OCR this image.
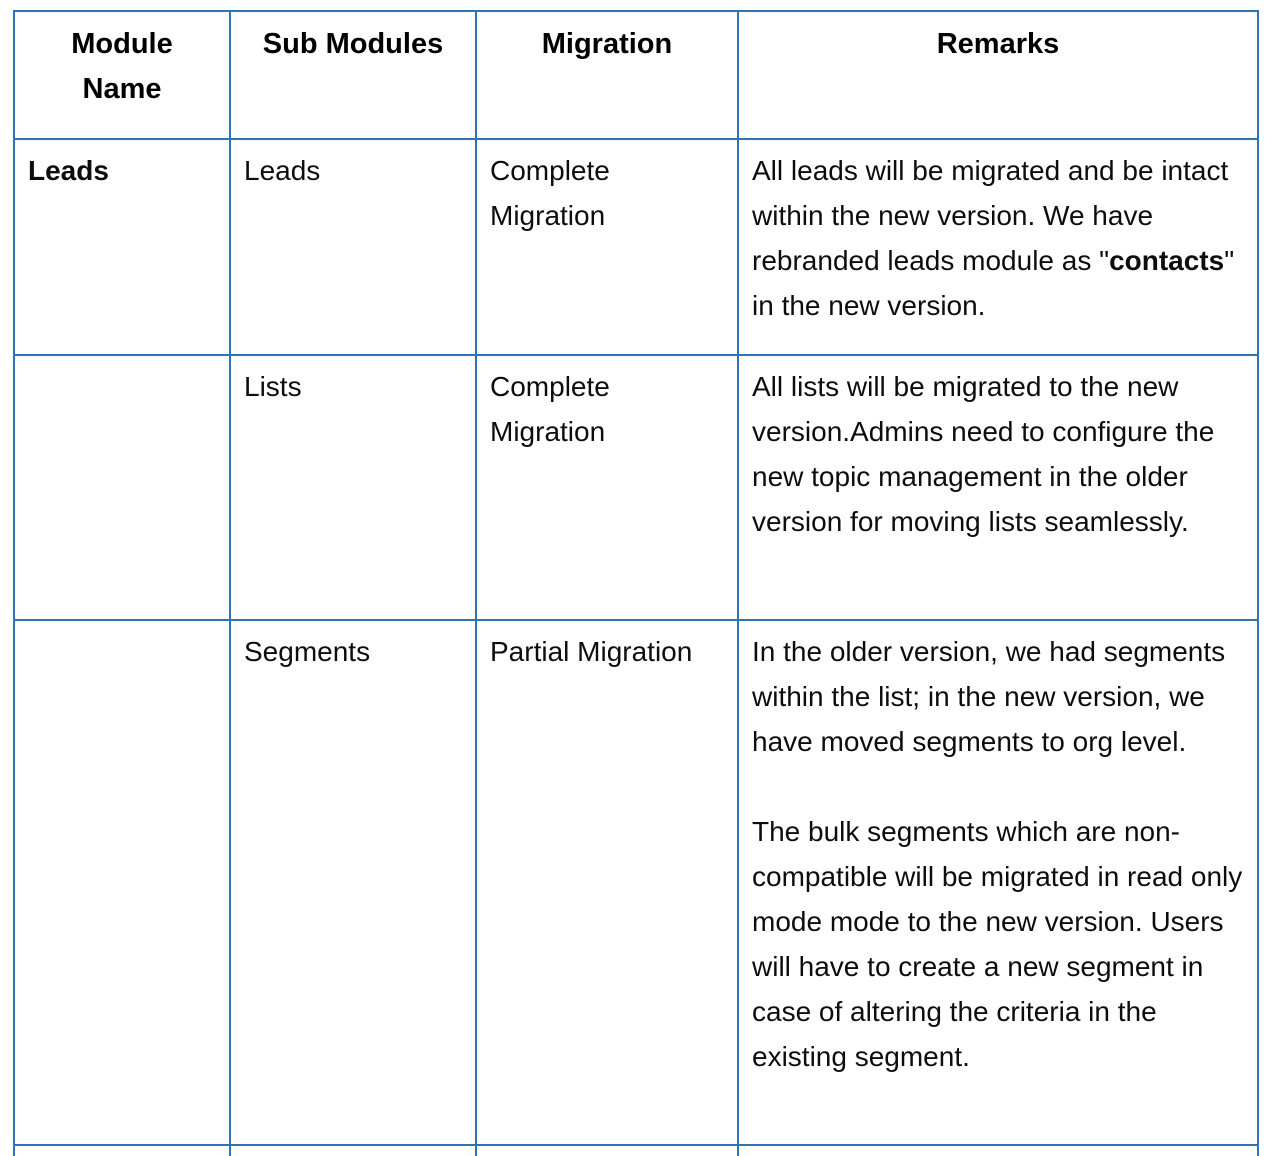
Module Name	Sub Modules	Migration	Remarks
Leads	Leads	Complete Migration	All leads will be migrated and be intact within the new version. We have rebranded leads module as "contacts" in the new version.

	Lists	Complete Migration	All lists will be migrated to the new version.Admins need to configure the new topic management in the older version for moving lists seamlessly.

	Segments	Partial Migration	In the older version, we had segments within the list; in the new version, we have moved segments to org level.

The bulk segments which are non-compatible will be migrated in read only mode mode to the new version. Users will have to create a new segment in case of altering the criteria in the existing segment.
